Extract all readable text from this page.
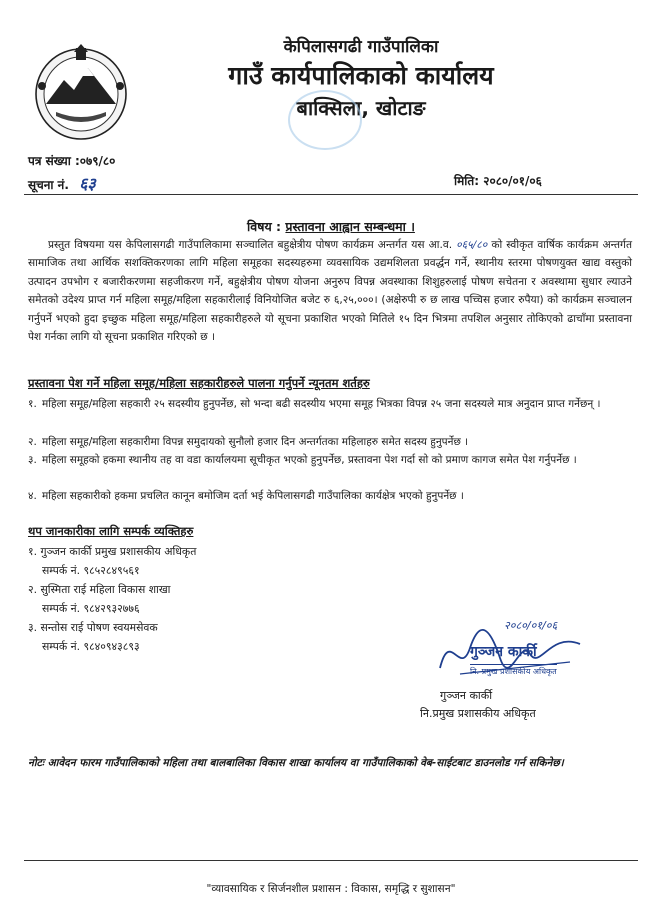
केपिलासगढी गाउँपालिका
गाउँ कार्यपालिकाको कार्यालय
बाक्सिला, खोटाङ
पत्र संख्या :०७९/८०
सूचना नं. ६३	मिति: २०८०/०१/०६
विषय : प्रस्तावना आह्वान सम्बन्धमा ।
प्रस्तुत विषयमा यस केपिलासगढी गाउँपालिकामा सञ्चालित बहुक्षेत्रीय पोषण कार्यक्रम अन्तर्गत यस आ.व. ०६५/८० को स्वीकृत वार्षिक कार्यक्रम अन्तर्गत सामाजिक तथा आर्थिक सशक्तिकरणका लागि महिला समूहका सदस्यहरुमा व्यवसायिक उद्यमशिलता प्रवर्द्धन गर्ने, स्थानीय स्तरमा पोषणयुक्त खाद्य वस्तुको उत्पादन उपभोग र बजारीकरणमा सहजीकरण गर्ने, बहुक्षेत्रीय पोषण योजना अनुरुप विपन्न अवस्थाका शिशुहरुलाई पोषण सचेतना र अवस्थामा सुधार ल्याउने समेतको उदेश्य प्राप्त गर्न महिला समूह/महिला सहकारीलाई विनियोजित बजेट रु ६,२५,०००। (अक्षेरुपी रु छ लाख पच्चिस हजार रुपैया) को कार्यक्रम सञ्चालन गर्नुपर्ने भएको हुदा इच्छुक महिला समूह/महिला सहकारीहरुले यो सूचना प्रकाशित भएको मितिले १५ दिन भित्रमा तपशिल अनुसार तोकिएको ढाचाँमा प्रस्तावना पेश गर्नका लागि यो सूचना प्रकाशित गरिएको छ ।
प्रस्तावना पेश गर्ने महिला समूह/महिला सहकारीहरुले पालना गर्नुपर्ने न्यूनतम शर्तहरु
१. महिला समूह/महिला सहकारी २५ सदस्यीय हुनुपर्नेछ, सो भन्दा बढी सदस्यीय भएमा समूह भित्रका विपन्न २५ जना सदस्यले मात्र अनुदान प्राप्त गर्नेछन् ।
२. महिला समूह/महिला सहकारीमा विपन्न समुदायको सुनौलो हजार दिन अन्तर्गतका महिलाहरु समेत सदस्य हुनुपर्नेछ ।
३. महिला समूहको हकमा स्थानीय तह वा वडा कार्यालयमा सूचीकृत भएको हुनुपर्नेछ, प्रस्तावना पेश गर्दा सो को प्रमाण कागज समेत पेश गर्नुपर्नेछ ।
४. महिला सहकारीको हकमा प्रचलित कानून बमोजिम दर्ता भई केपिलासगढी गाउँपालिका कार्यक्षेत्र भएको हुनुपर्नेछ ।
थप जानकारीका लागि सम्पर्क व्यक्तिहरु
१. गुञ्जन कार्की प्रमुख प्रशासकीय अधिकृत
सम्पर्क नं. ९८५२८४९५६१
२. सुस्मिता राई महिला विकास शाखा
सम्पर्क नं. ९८४२९३२७७६
३. सन्तोस राई पोषण स्वयमसेवक
सम्पर्क नं. ९८४०९४३८९३
२०८०/०१/०६
गुञ्जन कार्की
नि. प्रमुख प्रशासकीय अधिकृत
गुञ्जन कार्की
नि.प्रमुख प्रशासकीय अधिकृत
नोटः आवेदन फारम गाउँपालिकाको महिला तथा बालबालिका विकास शाखा कार्यालय वा गाउँपालिकाको वेब-साईटबाट डाउनलोड गर्न सकिनेछ।
"व्यावसायिक र सिर्जनशील प्रशासन : विकास, समृद्धि र सुशासन"
